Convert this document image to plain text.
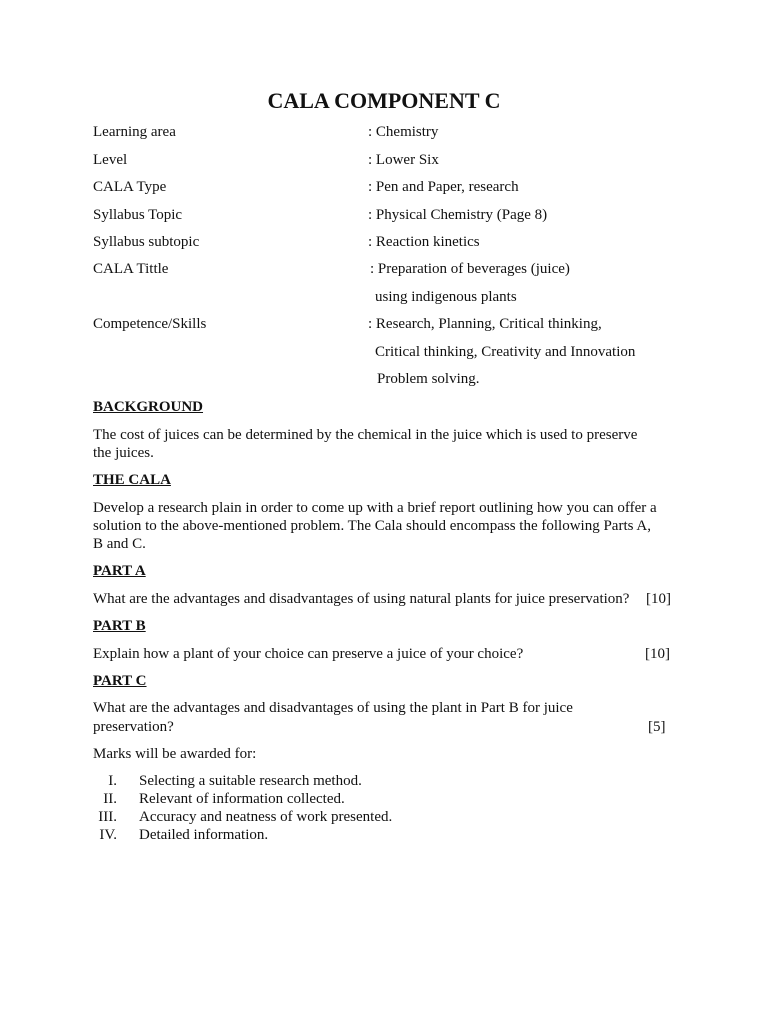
CALA COMPONENT C
Learning area	: Chemistry
Level	: Lower Six
CALA Type	: Pen and Paper, research
Syllabus Topic	: Physical Chemistry (Page 8)
Syllabus subtopic	: Reaction kinetics
CALA Tittle	: Preparation of beverages (juice)
using indigenous plants
Competence/Skills	: Research, Planning, Critical thinking,
Critical thinking, Creativity and Innovation
Problem solving.
BACKGROUND
The cost of juices can be determined by the chemical in the juice which is used to preserve
the juices.
THE CALA
Develop a research plain in order to come up with a brief report outlining how you can offer a
solution to the above-mentioned problem. The Cala should encompass the following Parts A,
B and C.
PART A
What are the advantages and disadvantages of using natural plants for juice preservation? [10]
PART B
Explain how a plant of your choice can preserve a juice of your choice?	[10]
PART C
What are the advantages and disadvantages of using the plant in Part B for juice
preservation?	[5]
Marks will be awarded for:
I. Selecting a suitable research method.
II. Relevant of information collected.
III. Accuracy and neatness of work presented.
IV. Detailed information.
